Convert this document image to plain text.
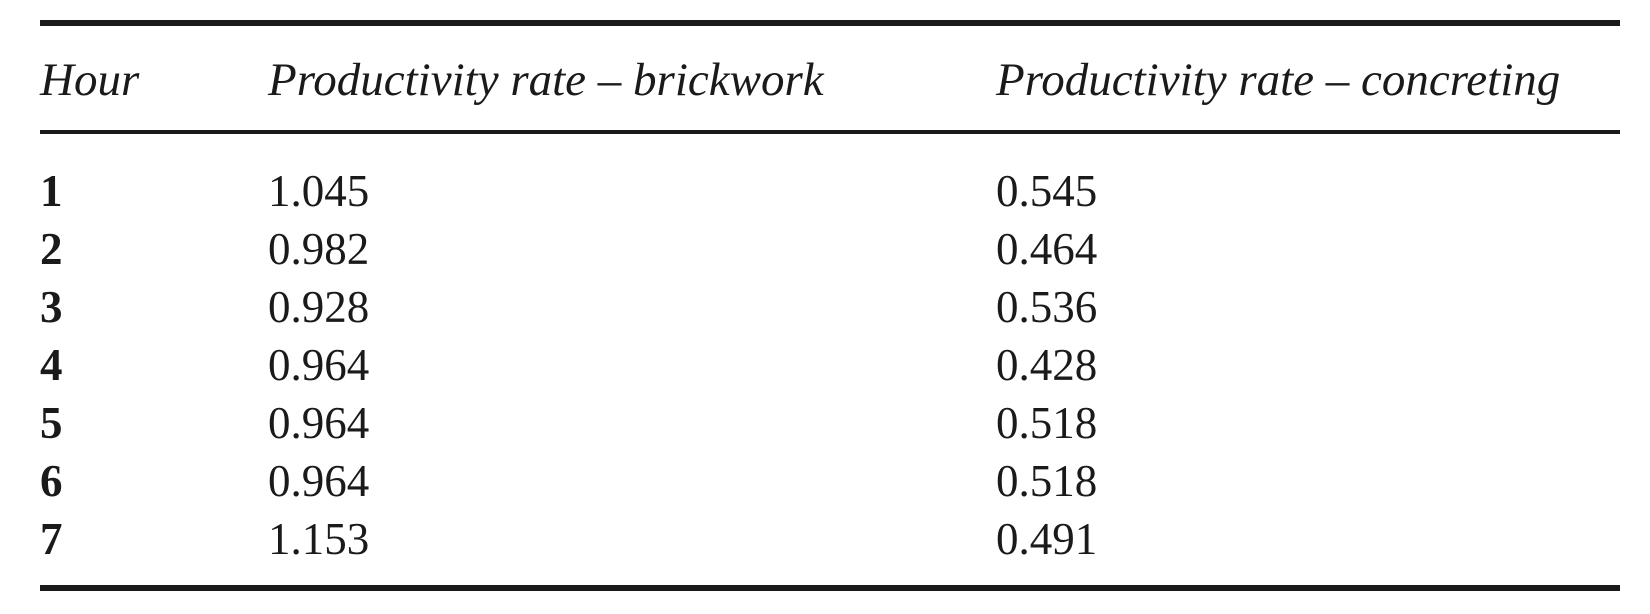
Hour	Productivity rate – brickwork	Productivity rate – concreting
1	1.045	0.545
2	0.982	0.464
3	0.928	0.536
4	0.964	0.428
5	0.964	0.518
6	0.964	0.518
7	1.153	0.491
